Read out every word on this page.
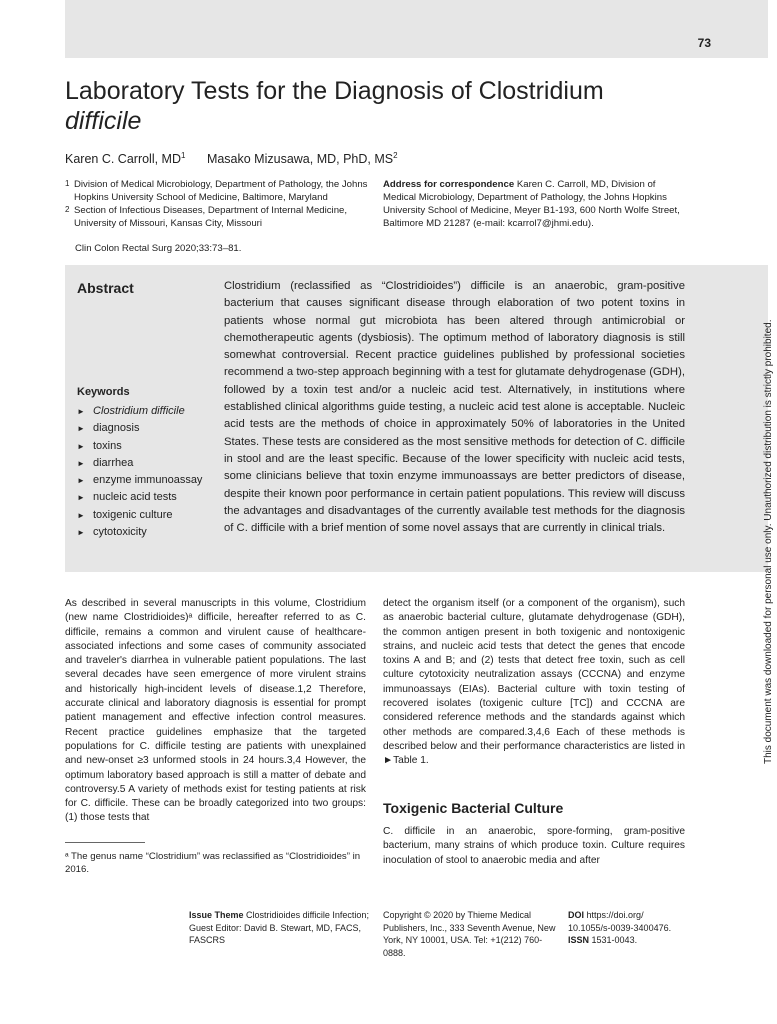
73
Laboratory Tests for the Diagnosis of Clostridium
difficile
Karen C. Carroll, $MD^1$ Masako Mizusawa, MD, PhD, $MS^2$
1 Division of Medical Microbiology, Department of Pathology, the Johns Hopkins University School of Medicine, Baltimore, Maryland
2 Section of Infectious Diseases, Department of Internal Medicine, University of Missouri, Kansas City, Missouri
Address for correspondence Karen C. Carroll, MD, Division of Medical Microbiology, Department of Pathology, the Johns Hopkins University School of Medicine, Meyer B1-193, 600 North Wolfe Street, Baltimore MD 21287 (e-mail: kcarrol7@jhmi.edu).
Clin Colon Rectal Surg 2020;33:73–81.
Abstract
Keywords
► Clostridium difficile
► diagnosis
► toxins
► diarrhea
► enzyme immunoassay
► nucleic acid tests
► toxigenic culture
► cytotoxicity
Clostridium (reclassified as “Clostridioides”) difficile is an anaerobic, gram-positive bacterium that causes significant disease through elaboration of two potent toxins in patients whose normal gut microbiota has been altered through antimicrobial or chemotherapeutic agents (dysbiosis). The optimum method of laboratory diagnosis is still somewhat controversial. Recent practice guidelines published by professional societies recommend a two-step approach beginning with a test for glutamate dehydrogenase (GDH), followed by a toxin test and/or a nucleic acid test. Alternatively, in institutions where established clinical algorithms guide testing, a nucleic acid test alone is acceptable. Nucleic acid tests are the methods of choice in approximately 50% of laboratories in the United States. These tests are considered as the most sensitive methods for detection of C. difficile in stool and are the least specific. Because of the lower specificity with nucleic acid tests, some clinicians believe that toxin enzyme immunoassays are better predictors of disease, despite their known poor performance in certain patient populations. This review will discuss the advantages and disadvantages of the currently available test methods for the diagnosis of C. difficile with a brief mention of some novel assays that are currently in clinical trials.
As described in several manuscripts in this volume, Clostridium (new name Clostridioides)ᵃ difficile, hereafter referred to as C. difficile, remains a common and virulent cause of healthcare-associated infections and some cases of community associated and traveler's diarrhea in vulnerable patient populations. The last several decades have seen emergence of more virulent strains and historically high-incident levels of disease.1,2 Therefore, accurate clinical and laboratory diagnosis is essential for prompt patient management and effective infection control measures. Recent practice guidelines emphasize that the targeted populations for C. difficile testing are patients with unexplained and new-onset ≥3 unformed stools in 24 hours.3,4 However, the optimum laboratory based approach is still a matter of debate and controversy.5 A variety of methods exist for testing patients at risk for C. difficile. These can be broadly categorized into two groups: (1) those tests that
ᵃ The genus name “Clostridium” was reclassified as “Clostridioides” in 2016.
detect the organism itself (or a component of the organism), such as anaerobic bacterial culture, glutamate dehydrogenase (GDH), the common antigen present in both toxigenic and nontoxigenic strains, and nucleic acid tests that detect the genes that encode toxins A and B; and (2) tests that detect free toxin, such as cell culture cytotoxicity neutralization assays (CCCNA) and enzyme immunoassays (EIAs). Bacterial culture with toxin testing of recovered isolates (toxigenic culture [TC]) and CCCNA are considered reference methods and the standards against which other methods are compared.3,4,6 Each of these methods is described below and their performance characteristics are listed in ►Table 1.
Toxigenic Bacterial Culture
C. difficile in an anaerobic, spore-forming, gram-positive bacterium, many strains of which produce toxin. Culture requires inoculation of stool to anaerobic media and after
Issue Theme Clostridioides difficile Infection; Guest Editor: David B. Stewart, MD, FACS, FASCRS
Copyright © 2020 by Thieme Medical Publishers, Inc., 333 Seventh Avenue, New York, NY 10001, USA. Tel: +1(212) 760-0888.
DOI https://doi.org/ 10.1055/s-0039-3400476.
ISSN 1531-0043.
This document was downloaded for personal use only. Unauthorized distribution is strictly prohibited.
